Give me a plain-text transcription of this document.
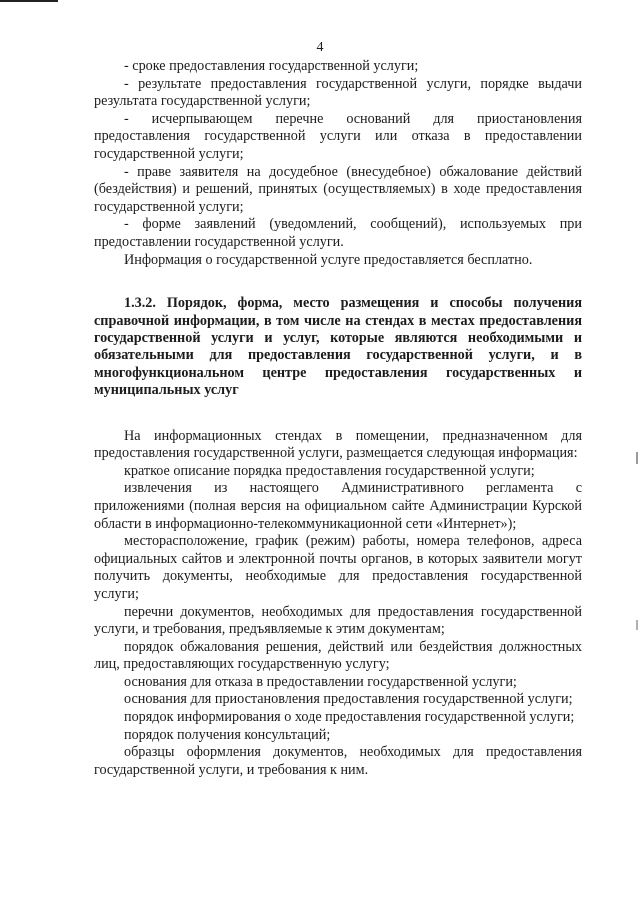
4

- сроке предоставления государственной услуги;

- результате предоставления государственной услуги, порядке выдачи результата государственной услуги;

- исчерпывающем перечне оснований для приостановления предоставления государственной услуги или отказа в предоставлении государственной услуги;

- праве заявителя на досудебное (внесудебное) обжалование действий (бездействия) и решений, принятых (осуществляемых) в ходе предоставления государственной услуги;

- форме заявлений (уведомлений, сообщений), используемых при предоставлении государственной услуги.

Информация о государственной услуге предоставляется бесплатно.

1.3.2. Порядок, форма, место размещения и способы получения справочной информации, в том числе на стендах в местах предоставления государственной услуги и услуг, которые являются необходимыми и обязательными для предоставления государственной услуги, и в многофункциональном центре предоставления государственных и муниципальных услуг

На информационных стендах в помещении, предназначенном для предоставления государственной услуги, размещается следующая информация:

краткое описание порядка предоставления государственной услуги;

извлечения из настоящего Административного регламента с приложениями (полная версия на официальном сайте Администрации Курской области в информационно-телекоммуникационной сети «Интернет»);

месторасположение, график (режим) работы, номера телефонов, адреса официальных сайтов и электронной почты органов, в которых заявители могут получить документы, необходимые для предоставления государственной услуги;

перечни документов, необходимых для предоставления государственной услуги, и требования, предъявляемые к этим документам;

порядок обжалования решения, действий или бездействия должностных лиц, предоставляющих государственную услугу;

основания для отказа в предоставлении государственной услуги;

основания для приостановления предоставления государственной услуги;

порядок информирования о ходе предоставления государственной услуги;

порядок получения консультаций;

образцы оформления документов, необходимых для предоставления государственной услуги, и требования к ним.
